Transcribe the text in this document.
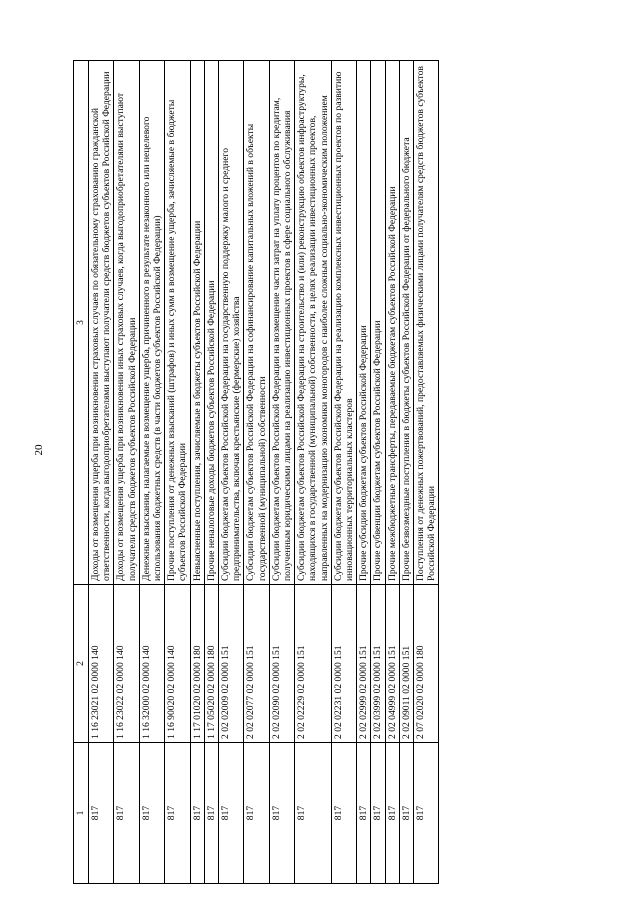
20
1	2	3
817	1 16 23021 02 0000 140	Доходы от возмещения ущерба при возникновении страховых случаев по обязательному страхованию гражданской ответственности, когда выгодоприобретателями выступают получатели средств бюджетов субъектов Российской Федерации
817	1 16 23022 02 0000 140	Доходы от возмещения ущерба при возникновении иных страховых случаев, когда выгодоприобретателями выступают получатели средств бюджетов субъектов Российской Федерации
817	1 16 32000 02 0000 140	Денежные взыскания, налагаемые в возмещение ущерба, причиненного в результате незаконного или нецелевого использования бюджетных средств (в части бюджетов субъектов Российской Федерации)
817	1 16 90020 02 0000 140	Прочие поступления от денежных взысканий (штрафов) и иных сумм в возмещение ущерба, зачисляемые в бюджеты субъектов Российской Федерации
817	1 17 01020 02 0000 180	Невыясненные поступления, зачисляемые в бюджеты субъектов Российской Федерации
817	1 17 05020 02 0000 180	Прочие неналоговые доходы бюджетов субъектов Российской Федерации
817	2 02 02009 02 0000 151	Субсидии бюджетам субъектов Российской Федерации на государственную поддержку малого и среднего предпринимательства, включая крестьянские (фермерские) хозяйства
817	2 02 02077 02 0000 151	Субсидии бюджетам субъектов Российской Федерации на софинансирование капитальных вложений в объекты государственной (муниципальной) собственности
817	2 02 02090 02 0000 151	Субсидии бюджетам субъектов Российской Федерации на возмещение части затрат на уплату процентов по кредитам, полученным юридическими лицами на реализацию инвестиционных проектов в сфере социального обслуживания
817	2 02 02229 02 0000 151	Субсидии бюджетам субъектов Российской Федерации на строительство и (или) реконструкцию объектов инфраструктуры, находящихся в государственной (муниципальной) собственности, в целях реализации инвестиционных проектов, направленных на модернизацию экономики моногородов с наиболее сложным социально-экономическим положением
817	2 02 02231 02 0000 151	Субсидии бюджетам субъектов Российской Федерации на реализацию комплексных инвестиционных проектов по развитию инновационных территориальных кластеров
817	2 02 02999 02 0000 151	Прочие субсидии бюджетам субъектов Российской Федерации
817	2 02 03999 02 0000 151	Прочие субвенции бюджетам субъектов Российской Федерации
817	2 02 04999 02 0000 151	Прочие межбюджетные трансферты, передаваемые бюджетам субъектов Российской Федерации
817	2 02 09011 02 0000 151	Прочие безвозмездные поступления в бюджеты субъектов Российской Федерации от федерального бюджета
817	2 07 02020 02 0000 180	Поступления от денежных пожертвований, предоставляемых физическими лицами получателям средств бюджетов субъектов Российской Федерации
